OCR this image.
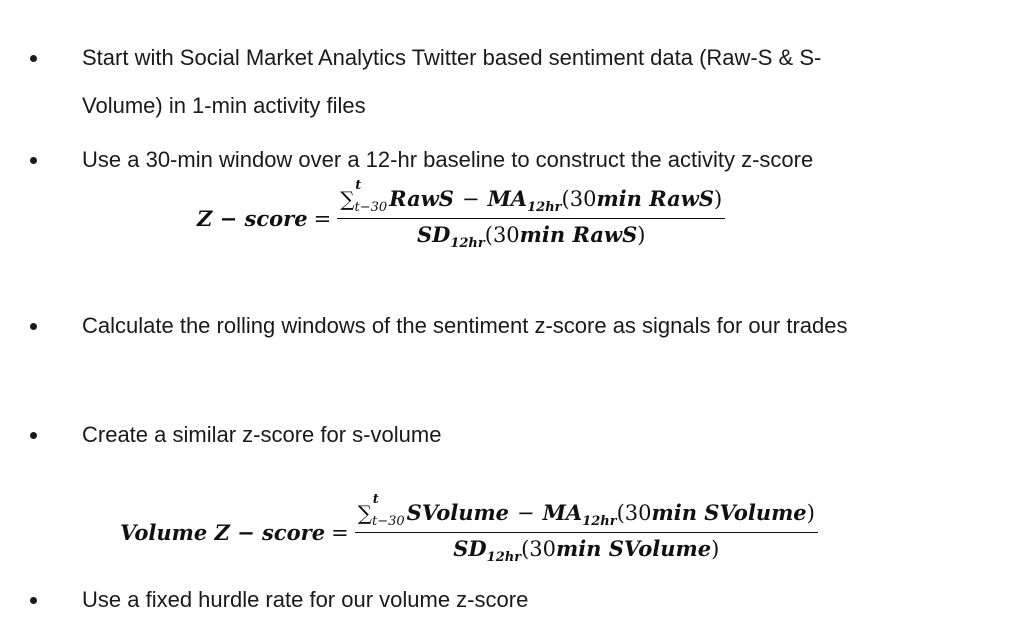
Start with Social Market Analytics Twitter based sentiment data (Raw-S & S-
Volume) in 1-min activity files
Use a 30-min window over a 12-hr baseline to construct the activity z-score
Z − score = ∑
t
$_{t-30}$RawS − $MA_{12hr}(30\min$ RawS)
$SD_{12hr}(30\min$ RawS)
Calculate the rolling windows of the sentiment z-score as signals for our trades
Create a similar z-score for s-volume
Volume Z − score = ∑
t
$_{t-30}$SVolume − $MA_{12hr}(30\min$ SVolume)
$SD_{12hr}(30\min$ SVolume)
Use a fixed hurdle rate for our volume z-score
